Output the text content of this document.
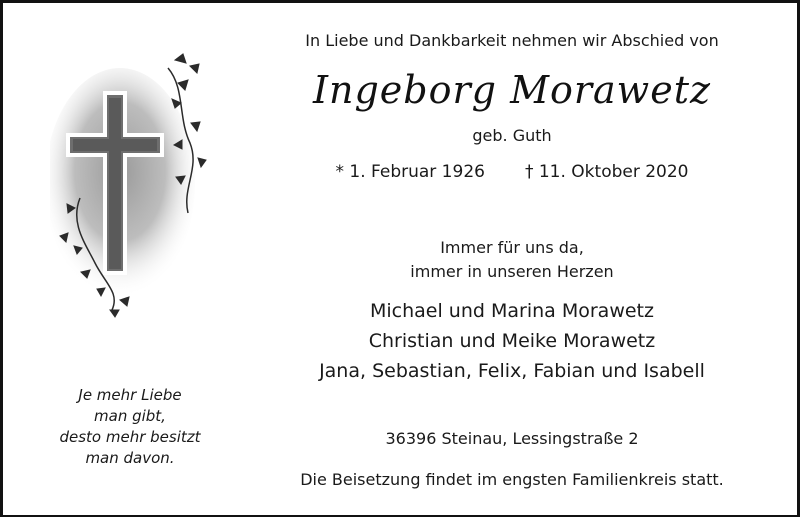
In Liebe und Dankbarkeit nehmen wir Abschied von
Ingeborg Morawetz
geb. Guth
* 1. Februar 1926 † 11. Oktober 2020
Immer für uns da,
immer in unseren Herzen
Michael und Marina Morawetz
Christian und Meike Morawetz
Jana, Sebastian, Felix, Fabian und Isabell
36396 Steinau, Lessingstraße 2
Die Beisetzung findet im engsten Familienkreis statt.
Je mehr Liebe
man gibt,
desto mehr besitzt
man davon.
